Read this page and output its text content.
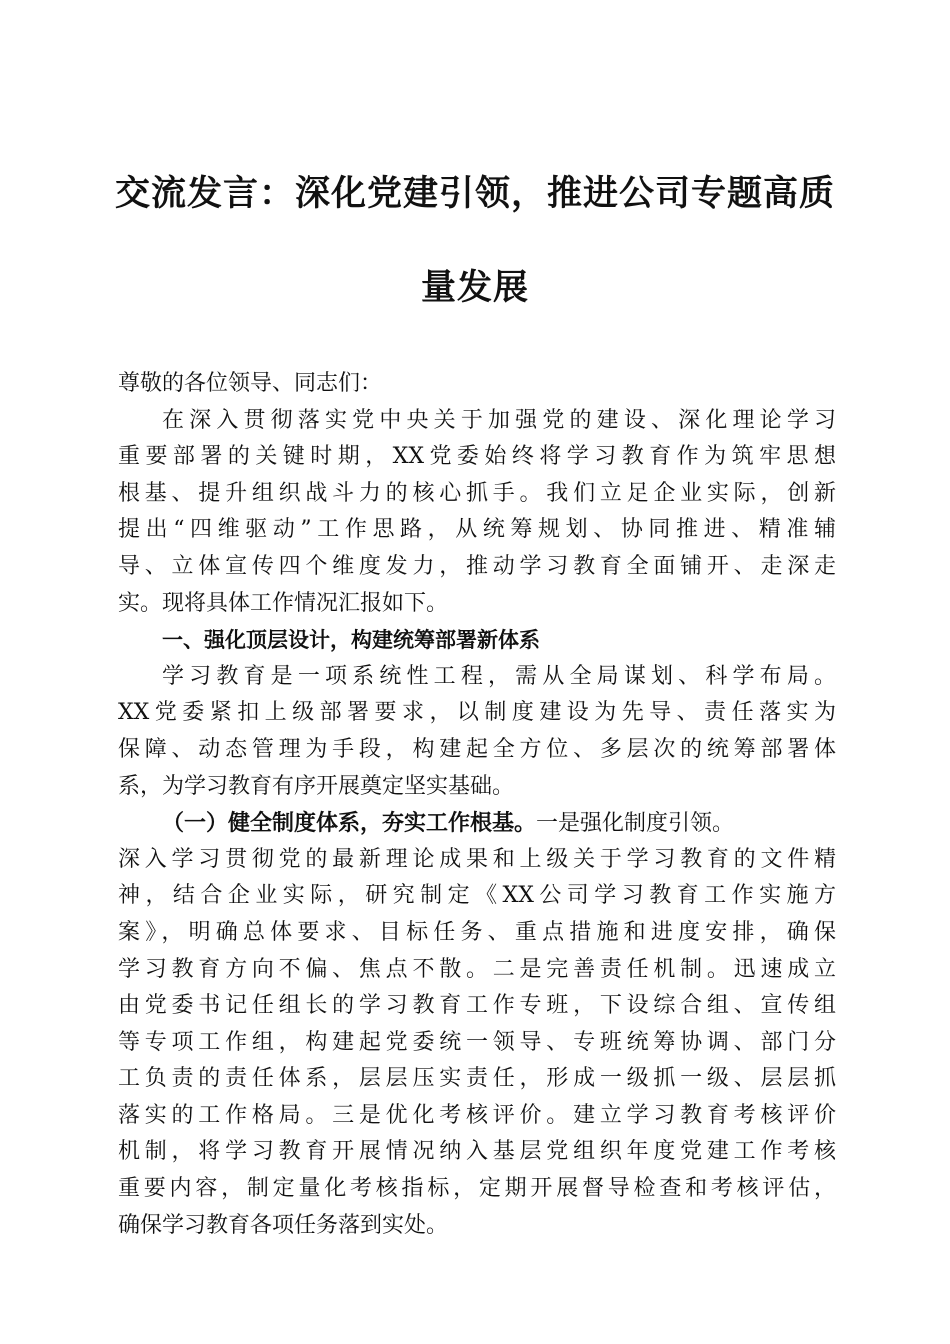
交流发言：深化党建引领，推进公司专题高质
量发展
尊敬的各位领导、同志们：
在深入贯彻落实党中央关于加强党的建设、深化理论学习
重要部署的关键时期，XX党委始终将学习教育作为筑牢思想
根基、提升组织战斗力的核心抓手。我们立足企业实际，创新
提出“四维驱动”工作思路，从统筹规划、协同推进、精准辅
导、立体宣传四个维度发力，推动学习教育全面铺开、走深走
实。现将具体工作情况汇报如下。
一、强化顶层设计，构建统筹部署新体系
学习教育是一项系统性工程，需从全局谋划、科学布局。
XX党委紧扣上级部署要求，以制度建设为先导、责任落实为
保障、动态管理为手段，构建起全方位、多层次的统筹部署体
系，为学习教育有序开展奠定坚实基础。
（一）健全制度体系，夯实工作根基。一是强化制度引领。
深入学习贯彻党的最新理论成果和上级关于学习教育的文件精
神，结合企业实际，研究制定《XX公司学习教育工作实施方
案》，明确总体要求、目标任务、重点措施和进度安排，确保
学习教育方向不偏、焦点不散。二是完善责任机制。迅速成立
由党委书记任组长的学习教育工作专班，下设综合组、宣传组
等专项工作组，构建起党委统一领导、专班统筹协调、部门分
工负责的责任体系，层层压实责任，形成一级抓一级、层层抓
落实的工作格局。三是优化考核评价。建立学习教育考核评价
机制，将学习教育开展情况纳入基层党组织年度党建工作考核
重要内容，制定量化考核指标，定期开展督导检查和考核评估，
确保学习教育各项任务落到实处。
